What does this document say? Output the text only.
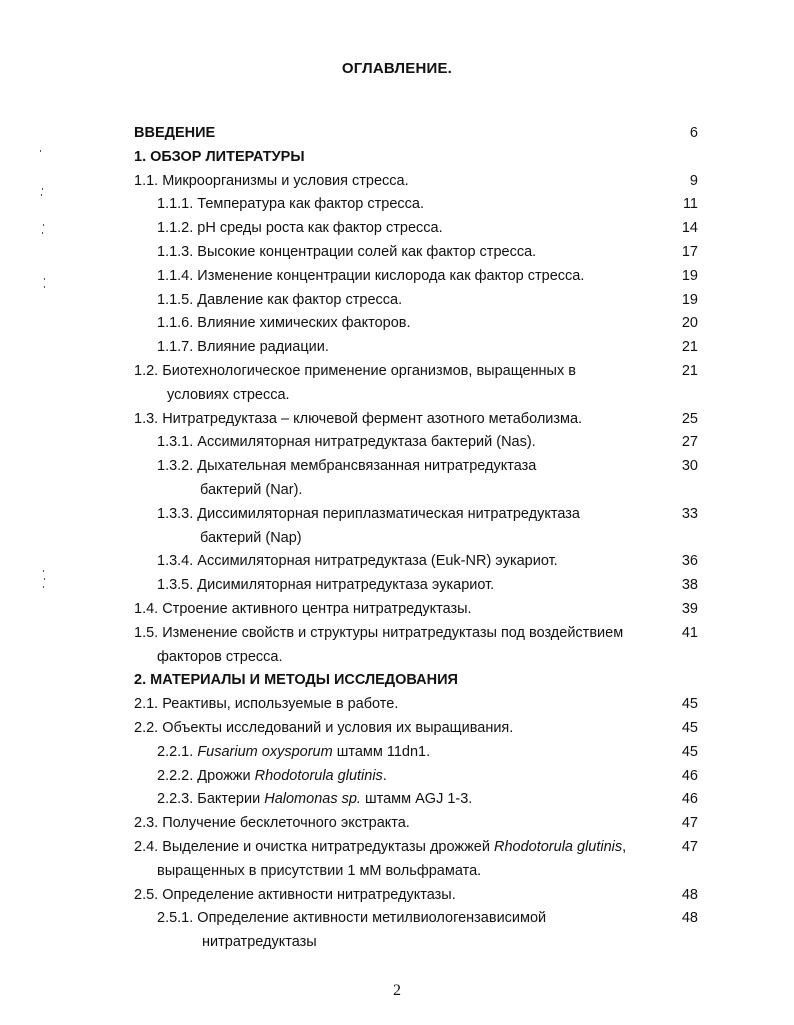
ОГЛАВЛЕНИЕ.
ВВЕДЕНИЕ	6
1. ОБЗОР ЛИТЕРАТУРЫ
1.1. Микроорганизмы и условия стресса.	9
1.1.1. Температура как фактор стресса.	11
1.1.2. pH среды роста как фактор стресса.	14
1.1.3. Высокие концентрации солей как фактор стресса.	17
1.1.4. Изменение концентрации кислорода как фактор стресса.	19
1.1.5. Давление как фактор стресса.	19
1.1.6. Влияние химических факторов.	20
1.1.7. Влияние радиации.	21
1.2. Биотехнологическое применение организмов, выращенных в	21
условиях стресса.
1.3. Нитратредуктаза – ключевой фермент азотного метаболизма.	25
1.3.1. Ассимиляторная нитратредуктаза бактерий (Nas).	27
1.3.2. Дыхательная мембрансвязанная нитратредуктаза	30
бактерий (Nar).
1.3.3. Диссимиляторная периплазматическая нитратредуктаза	33
бактерий (Nap)
1.3.4. Ассимиляторная нитратредуктаза (Euk-NR) эукариот.	36
1.3.5. Дисимиляторная нитратредуктаза эукариот.	38
1.4. Строение активного центра нитратредуктазы.	39
1.5. Изменение свойств и структуры нитратредуктазы под воздействием	41
факторов стресса.
2. МАТЕРИАЛЫ И МЕТОДЫ ИССЛЕДОВАНИЯ
2.1. Реактивы, используемые в работе.	45
2.2. Объекты исследований и условия их выращивания.	45
2.2.1. Fusarium oxysporum штамм 11dn1.	45
2.2.2. Дрожжи Rhodotorula glutinis.	46
2.2.3. Бактерии Halomonas sp. штамм AGJ 1-3.	46
2.3. Получение бесклеточного экстракта.	47
2.4. Выделение и очистка нитратредуктазы дрожжей Rhodotorula glutinis,	47
выращенных в присутствии 1 мМ вольфрамата.
2.5. Определение активности нитратредуктазы.	48
2.5.1. Определение активности метилвиологензависимой	48
нитратредуктазы
2
